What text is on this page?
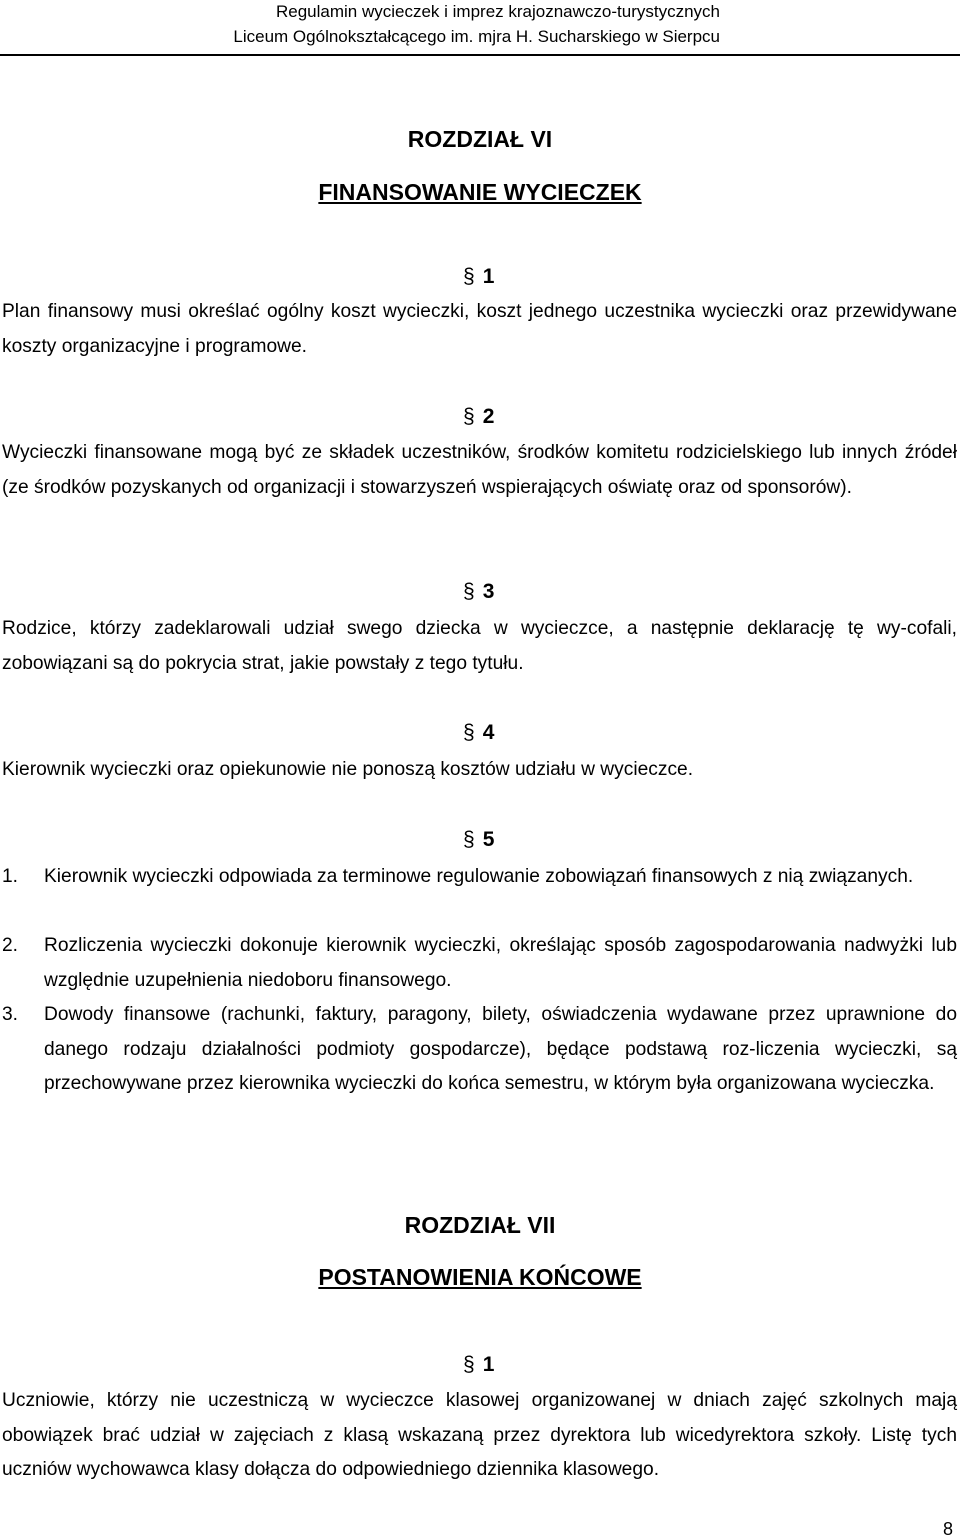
Regulamin wycieczek i imprez krajoznawczo-turystycznych
Liceum Ogólnokształcącego im. mjra H. Sucharskiego w Sierpcu
ROZDZIAŁ VI
FINANSOWANIE WYCIECZEK
§ 1
Plan finansowy musi określać ogólny koszt wycieczki, koszt jednego uczestnika wycieczki oraz przewidywane koszty organizacyjne i programowe.
§ 2
Wycieczki finansowane mogą być ze składek uczestników, środków komitetu rodzicielskiego lub innych źródeł (ze środków pozyskanych od organizacji i stowarzyszeń wspierających oświatę oraz od sponsorów).
§ 3
Rodzice, którzy zadeklarowali udział swego dziecka w wycieczce, a następnie deklarację tę wy-cofali, zobowiązani są do pokrycia strat, jakie powstały z tego tytułu.
§ 4
Kierownik wycieczki oraz opiekunowie nie ponoszą kosztów udziału w wycieczce.
§ 5
1. Kierownik wycieczki odpowiada za terminowe regulowanie zobowiązań finansowych z nią związanych.
2. Rozliczenia wycieczki dokonuje kierownik wycieczki, określając sposób zagospodarowania nadwyżki lub względnie uzupełnienia niedoboru finansowego.
3. Dowody finansowe (rachunki, faktury, paragony, bilety, oświadczenia wydawane przez uprawnione do danego rodzaju działalności podmioty gospodarcze), będące podstawą roz-liczenia wycieczki, są przechowywane przez kierownika wycieczki do końca semestru, w którym była organizowana wycieczka.
ROZDZIAŁ VII
POSTANOWIENIA KOŃCOWE
§ 1
Uczniowie, którzy nie uczestniczą w wycieczce klasowej organizowanej w dniach zajęć szkolnych mają obowiązek brać udział w zajęciach z klasą wskazaną przez dyrektora lub wicedyrektora szkoły. Listę tych uczniów wychowawca klasy dołącza do odpowiedniego dziennika klasowego.
8
